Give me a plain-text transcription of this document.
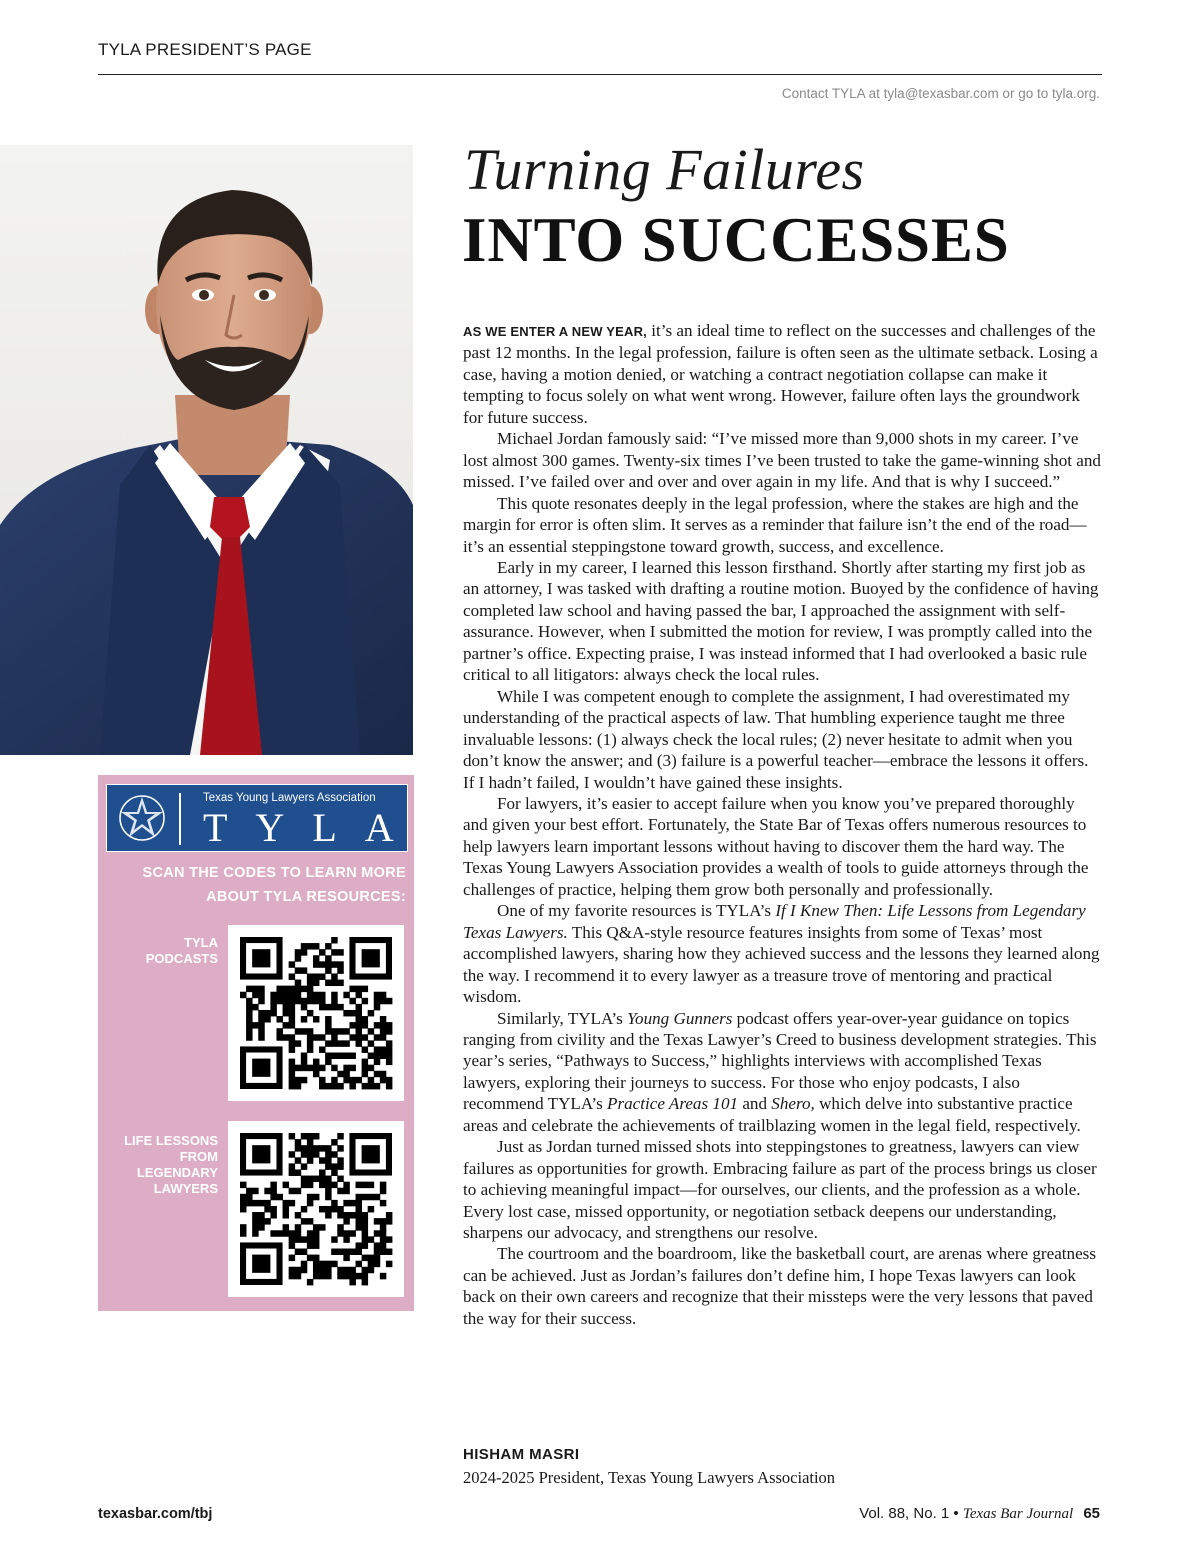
TYLA PRESIDENT’S PAGE
Contact TYLA at tyla@texasbar.com or go to tyla.org.
Texas Young Lawyers Association
TYLA
SCAN THE CODES TO LEARN MORE
ABOUT TYLA RESOURCES:
TYLA
PODCASTS
LIFE LESSONS
FROM
LEGENDARY
LAWYERS
Turning Failures
INTO SUCCESSES

AS WE ENTER A NEW YEAR, it’s an ideal time to reflect on the successes and challenges of the past 12 months. In the legal profession, failure is often seen as the ultimate setback. Losing a case, having a motion denied, or watching a contract negotiation collapse can make it tempting to focus solely on what went wrong. However, failure often lays the groundwork for future success.

Michael Jordan famously said: “I’ve missed more than 9,000 shots in my career. I’ve lost almost 300 games. Twenty-six times I’ve been trusted to take the game-winning shot and missed. I’ve failed over and over and over again in my life. And that is why I succeed.”

This quote resonates deeply in the legal profession, where the stakes are high and the margin for error is often slim. It serves as a reminder that failure isn’t the end of the road—it’s an essential steppingstone toward growth, success, and excellence.

Early in my career, I learned this lesson firsthand. Shortly after starting my first job as an attorney, I was tasked with drafting a routine motion. Buoyed by the confidence of having completed law school and having passed the bar, I approached the assignment with self-assurance. However, when I submitted the motion for review, I was promptly called into the partner’s office. Expecting praise, I was instead informed that I had overlooked a basic rule critical to all litigators: always check the local rules.

While I was competent enough to complete the assignment, I had overestimated my understanding of the practical aspects of law. That humbling experience taught me three invaluable lessons: (1) always check the local rules; (2) never hesitate to admit when you don’t know the answer; and (3) failure is a powerful teacher—embrace the lessons it offers. If I hadn’t failed, I wouldn’t have gained these insights.

For lawyers, it’s easier to accept failure when you know you’ve prepared thoroughly and given your best effort. Fortunately, the State Bar of Texas offers numerous resources to help lawyers learn important lessons without having to discover them the hard way. The Texas Young Lawyers Association provides a wealth of tools to guide attorneys through the challenges of practice, helping them grow both personally and professionally.

One of my favorite resources is TYLA’s If I Knew Then: Life Lessons from Legendary Texas Lawyers. This Q&A-style resource features insights from some of Texas’ most accomplished lawyers, sharing how they achieved success and the lessons they learned along the way. I recommend it to every lawyer as a treasure trove of mentoring and practical wisdom.

Similarly, TYLA’s Young Gunners podcast offers year-over-year guidance on topics ranging from civility and the Texas Lawyer’s Creed to business development strategies. This year’s series, “Pathways to Success,” highlights interviews with accomplished Texas lawyers, exploring their journeys to success. For those who enjoy podcasts, I also recommend TYLA’s Practice Areas 101 and Shero, which delve into substantive practice areas and celebrate the achievements of trailblazing women in the legal field, respectively.

Just as Jordan turned missed shots into steppingstones to greatness, lawyers can view failures as opportunities for growth. Embracing failure as part of the process brings us closer to achieving meaningful impact—for ourselves, our clients, and the profession as a whole. Every lost case, missed opportunity, or negotiation setback deepens our understanding, sharpens our advocacy, and strengthens our resolve.

The courtroom and the boardroom, like the basketball court, are arenas where greatness can be achieved. Just as Jordan’s failures don’t define him, I hope Texas lawyers can look back on their own careers and recognize that their missteps were the very lessons that paved the way for their success.

HISHAM MASRI
2024-2025 President, Texas Young Lawyers Association
texasbar.com/tbj	Vol. 88, No. 1 • Texas Bar Journal 65
